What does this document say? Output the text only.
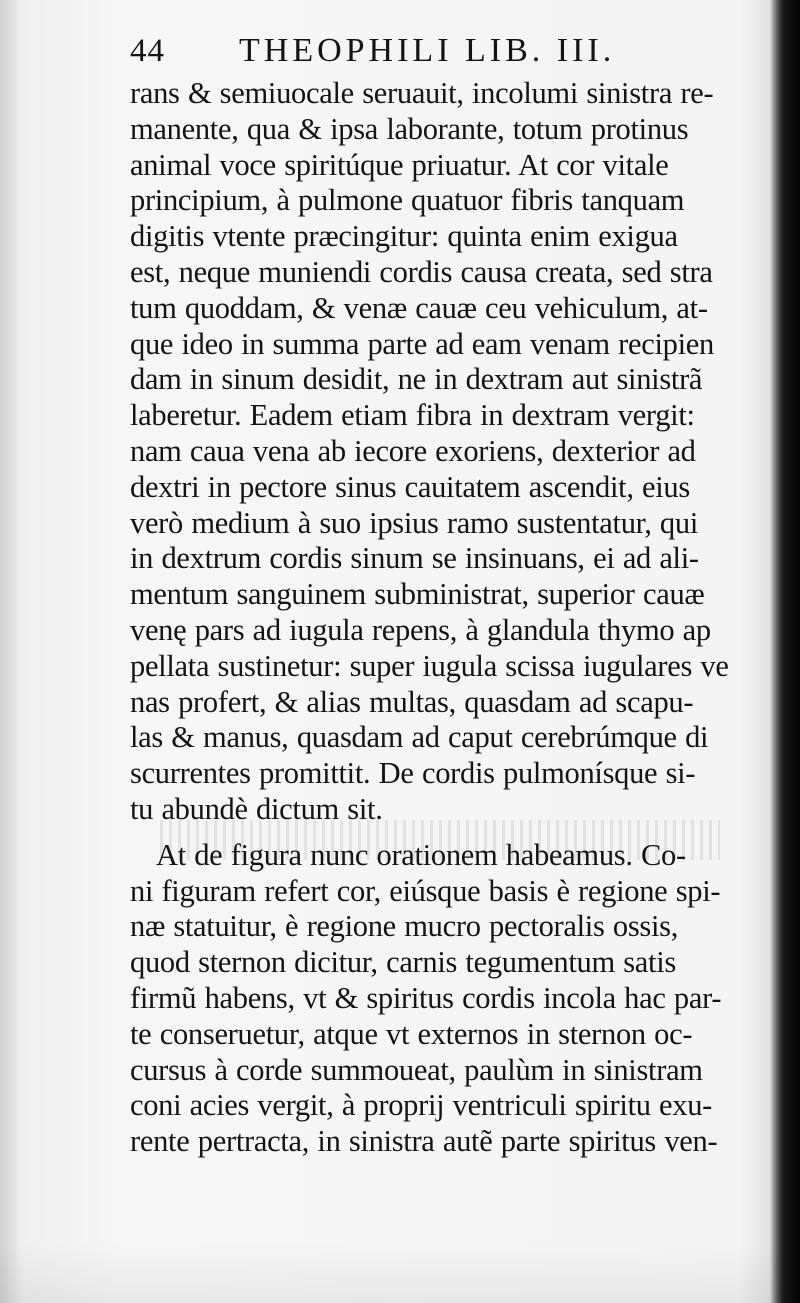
44 THEOPHILI LIB. III.
rans & semiuocale seruauit, incolumi sinistra re-
manente, qua & ipsa laborante, totum protinus
animal voce spiritúque priuatur. At cor vitale
principium, à pulmone quatuor fibris tanquam
digitis vtente præcingitur: quinta enim exigua
est, neque muniendi cordis causa creata, sed stra
tum quoddam, & venæ cauæ ceu vehiculum, at-
que ideo in summa parte ad eam venam recipien
dam in sinum desidit, ne in dextram aut sinistrã
laberetur. Eadem etiam fibra in dextram vergit:
nam caua vena ab iecore exoriens, dexterior ad
dextri in pectore sinus cauitatem ascendit, eius
verò medium à suo ipsius ramo sustentatur, qui
in dextrum cordis sinum se insinuans, ei ad ali-
mentum sanguinem subministrat, superior cauæ
venę pars ad iugula repens, à glandula thymo ap
pellata sustinetur: super iugula scissa iugulares ve
nas profert, & alias multas, quasdam ad scapu-
las & manus, quasdam ad caput cerebrúmque di
scurrentes promittit. De cordis pulmonísque si-
tu abundè dictum sit.
At de figura nunc orationem habeamus. Co-
ni figuram refert cor, eiúsque basis è regione spi-
næ statuitur, è regione mucro pectoralis ossis,
quod sternon dicitur, carnis tegumentum satis
firmũ habens, vt & spiritus cordis incola hac par-
te conseruetur, atque vt externos in sternon oc-
cursus à corde summoueat, paulùm in sinistram
coni acies vergit, à proprij ventriculi spiritu exu-
rente pertracta, in sinistra autẽ parte spiritus ven-
